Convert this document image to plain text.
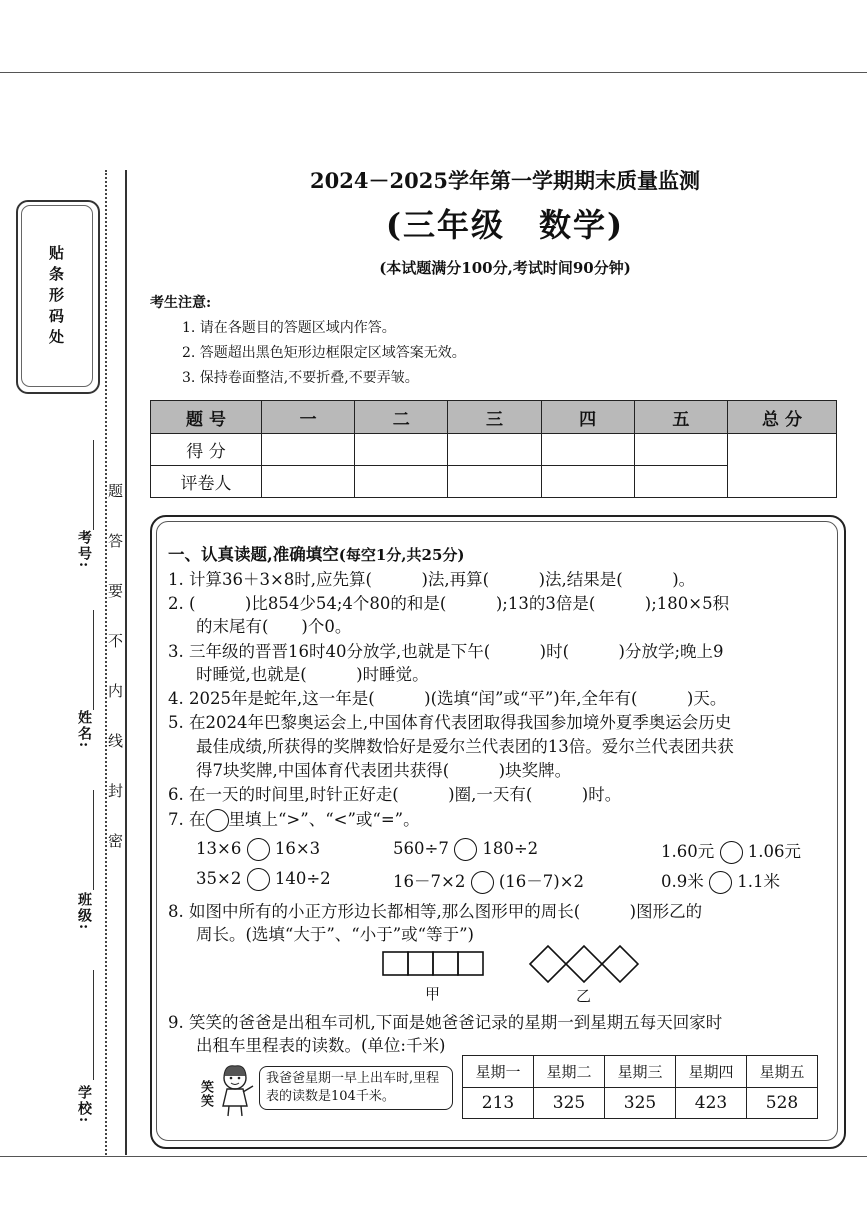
贴条形码处
题
答
要
不
内
线
封
密
考号:
姓名:
班级:
学校:
2024－2025学年第一学期期末质量监测
(三年级　数学)
(本试题满分100分,考试时间90分钟)
考生注意:
1. 请在各题目的答题区域内作答。
2. 答题超出黑色矩形边框限定区域答案无效。
3. 保持卷面整洁,不要折叠,不要弄皱。
题 号	一	二	三	四	五	总 分
得 分						
评卷人						
一、认真读题,准确填空(每空1分,共25分)
1. 计算36＋3×8时,应先算(　　　)法,再算(　　　)法,结果是(　　　)。
2. (　　　)比854少54;4个80的和是(　　　);13的3倍是(　　　);180×5积
的末尾有(　　)个0。
3. 三年级的晋晋16时40分放学,也就是下午(　　　)时(　　　)分放学;晚上9
时睡觉,也就是(　　　)时睡觉。
4. 2025年是蛇年,这一年是(　　　)(选填“闰”或“平”)年,全年有(　　　)天。
5. 在2024年巴黎奥运会上,中国体育代表团取得我国参加境外夏季奥运会历史
最佳成绩,所获得的奖牌数恰好是爱尔兰代表团的13倍。爱尔兰代表团共获
得7块奖牌,中国体育代表团共获得(　　　)块奖牌。
6. 在一天的时间里,时针正好走(　　　)圈,一天有(　　　)时。
7. 在 里填上“>”、“<”或“=”。
13×6 16×3	560÷7 180÷2	1.60元 1.06元
35×2 140÷2	16－7×2 (16－7)×2	0.9米 1.1米
8. 如图中所有的小正方形边长都相等,那么图形甲的周长(　　　)图形乙的
周长。(选填“大于”、“小于”或“等于”)
甲	乙
9. 笑笑的爸爸是出租车司机,下面是她爸爸记录的星期一到星期五每天回家时
出租车里程表的读数。(单位:千米)
笑笑
我爸爸星期一早上出车时,里程表的读数是104千米。
星期一	星期二	星期三	星期四	星期五
213	325	325	423	528
